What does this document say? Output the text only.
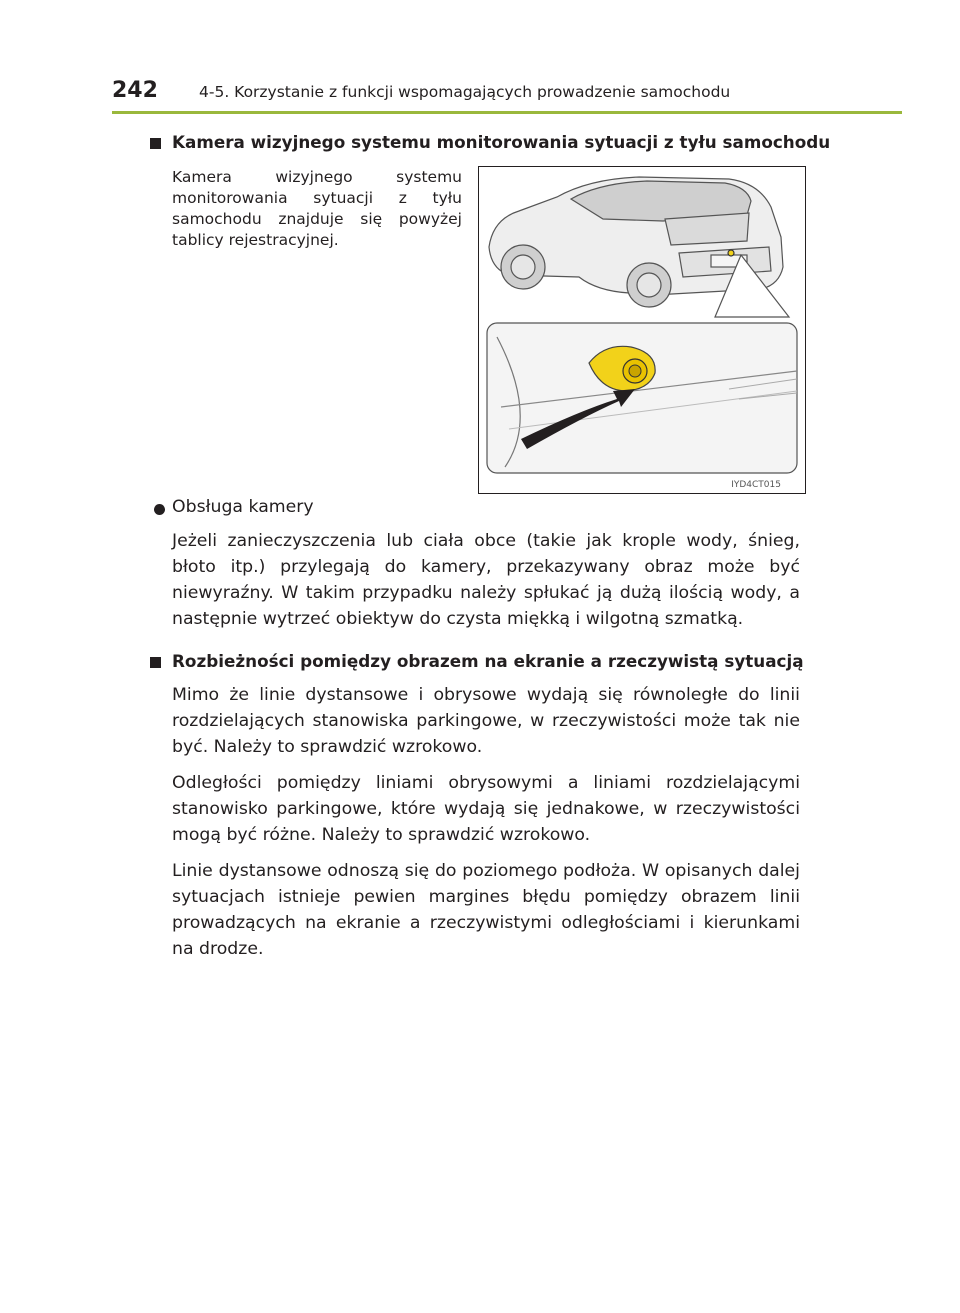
242	4-5. Korzystanie z funkcji wspomagających prowadzenie samochodu
Kamera wizyjnego systemu monitorowania sytuacji z tyłu samochodu
Kamera wizyjnego systemu monitorowania sytuacji z tyłu samochodu znajduje się powyżej tablicy rejestracyjnej.
IYD4CT015
Obsługa kamery
Jeżeli zanieczyszczenia lub ciała obce (takie jak krople wody, śnieg, błoto itp.) przylegają do kamery, przekazywany obraz może być niewyraźny. W takim przypadku należy spłukać ją dużą ilością wody, a następnie wytrzeć obiektyw do czysta miękką i wilgotną szmatką.
Rozbieżności pomiędzy obrazem na ekranie a rzeczywistą sytuacją
Mimo że linie dystansowe i obrysowe wydają się równoległe do linii rozdzielających stanowiska parkingowe, w rzeczywistości może tak nie być. Należy to sprawdzić wzrokowo.
Odległości pomiędzy liniami obrysowymi a liniami rozdzielającymi stanowisko parkingowe, które wydają się jednakowe, w rzeczywistości mogą być różne. Należy to sprawdzić wzrokowo.
Linie dystansowe odnoszą się do poziomego podłoża. W opisanych dalej sytuacjach istnieje pewien margines błędu pomiędzy obrazem linii prowadzących na ekranie a rzeczywistymi odległościami i kierunkami na drodze.
